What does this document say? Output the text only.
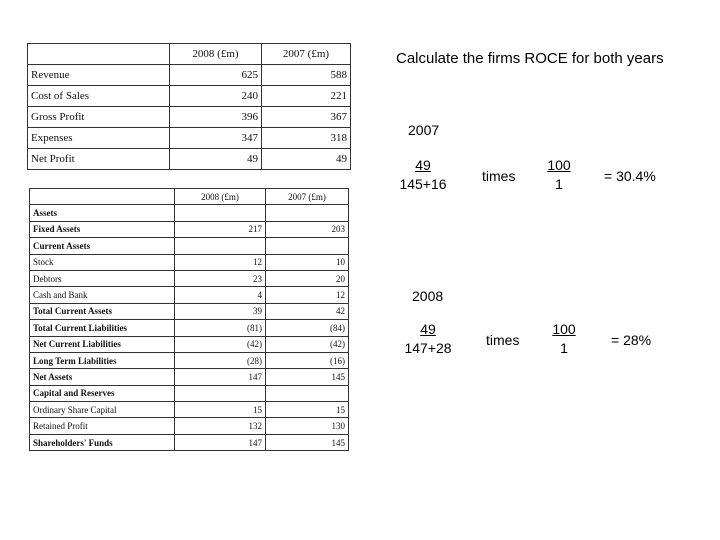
	2008 (£m)	2007 (£m)
Revenue	625	588
Cost of Sales	240	221
Gross Profit	396	367
Expenses	347	318
Net Profit	49	49
	2008 (£m)	2007 (£m)
Assets		
Fixed Assets	217	203
Current Assets		
Stock	12	10
Debtors	23	20
Cash and Bank	4	12
Total Current Assets	39	42
Total Current Liabilities	(81)	(84)
Net Current Liabilities	(42)	(42)
Long Term Liabilities	(28)	(16)
Net Assets	147	145
Capital and Reserves		
Ordinary Share Capital	15	15
Retained Profit	132	130
Shareholders' Funds	147	145
Calculate the firms ROCE for both years
2007
$\frac{49}{145+16}$ times $\frac{100}{1} = 30.4\%$
2008
$\frac{49}{147+28}$ times $\frac{100}{1} = 28\%$
